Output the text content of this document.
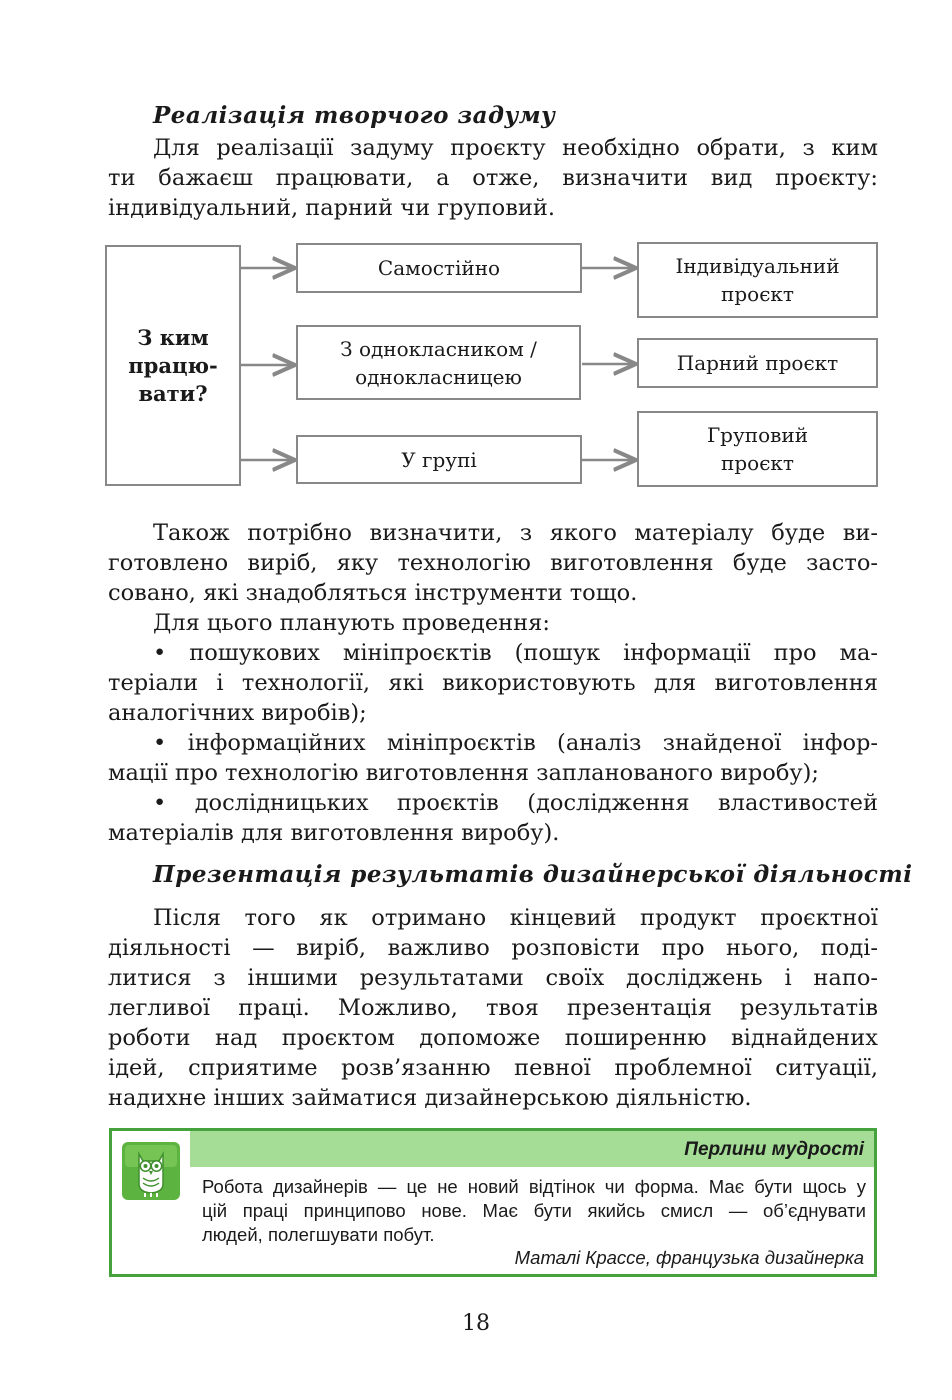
Реалізація творчого задуму
Для реалізації задуму проєкту необхідно обрати, з ким
ти бажаєш працювати, а отже, визначити вид проєкту:
індивідуальний, парний чи груповий.
З ким
працю-
вати?
Самостійно
З однокласником /
однокласницею
У групі
Індивідуальний
проєкт
Парний проєкт
Груповий
проєкт
Також потрібно визначити, з якого матеріалу буде ви-
готовлено виріб, яку технологію виготовлення буде засто-
совано, які знадобляться інструменти тощо.
Для цього планують проведення:
• пошукових мініпроєктів (пошук інформації про ма-
теріали і технології, які використовують для виготовлення
аналогічних виробів);
• інформаційних мініпроєктів (аналіз знайденої інфор-
мації про технологію виготовлення запланованого виробу);
• дослідницьких проєктів (дослідження властивостей
матеріалів для виготовлення виробу).
Презентація результатів дизайнерської діяльності
Після того як отримано кінцевий продукт проєктної
діяльності — виріб, важливо розповісти про нього, поді-
литися з іншими результатами своїх досліджень і напо-
легливої праці. Можливо, твоя презентація результатів
роботи над проєктом допоможе поширенню віднайдених
ідей, сприятиме розв’язанню певної проблемної ситуації,
надихне інших займатися дизайнерською діяльністю.
Перлини мудрості
Робота дизайнерів — це не новий відтінок чи форма. Має бути щось у
цій праці принципово нове. Має бути якийсь смисл — об’єднувати
людей, полегшувати побут.
Маталі Крассе, французька дизайнерка
18
